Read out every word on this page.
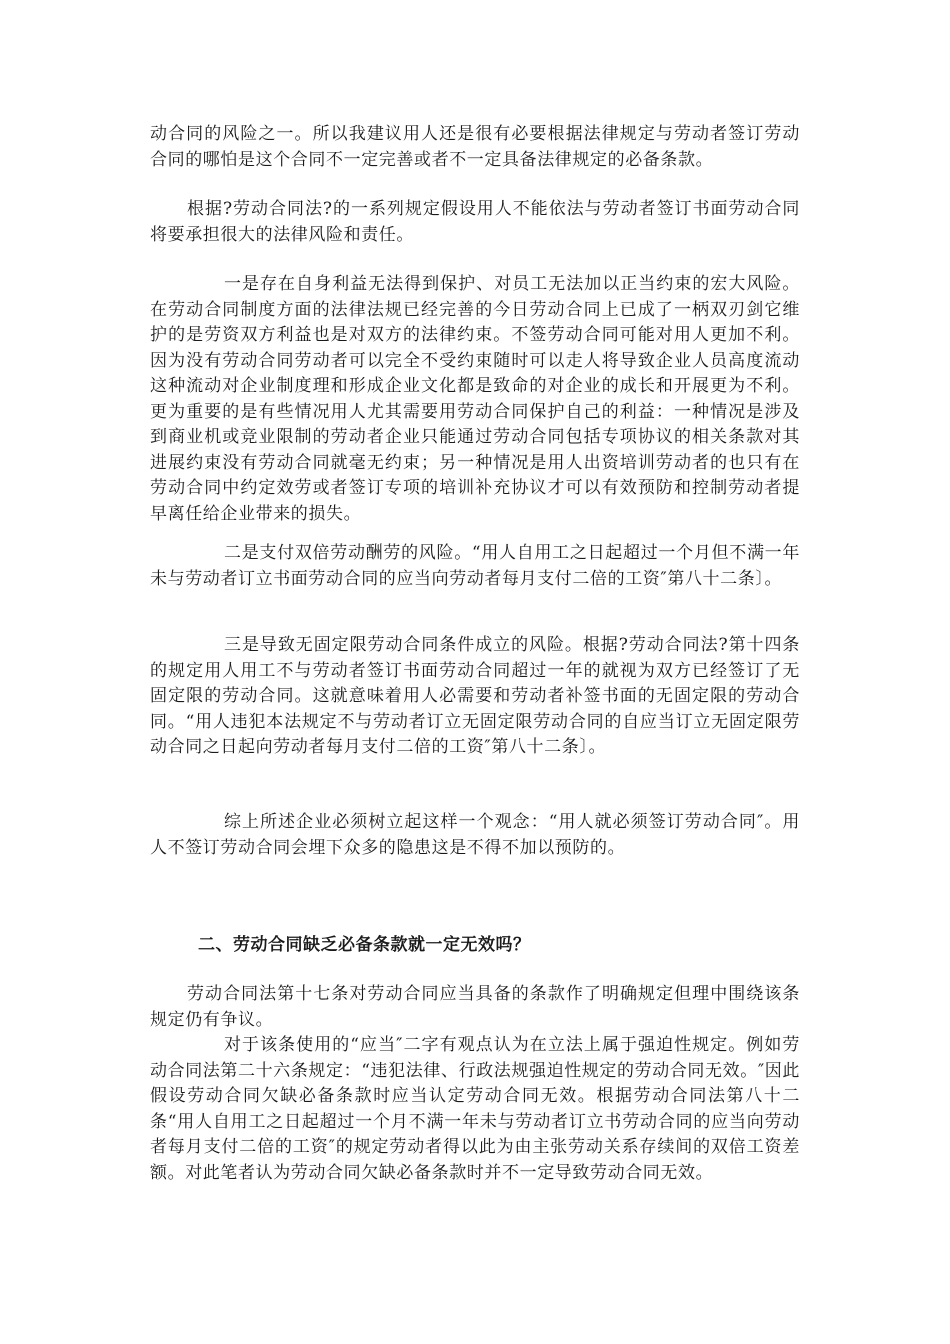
动合同的风险之一。所以我建议用人还是很有必要根据法律规定与劳动者签订劳动合同的哪怕是这个合同不一定完善或者不一定具备法律规定的必备条款。

根据?劳动合同法?的一系列规定假设用人不能依法与劳动者签订书面劳动合同将要承担很大的法律风险和责任。

一是存在自身利益无法得到保护、对员工无法加以正当约束的宏大风险。在劳动合同制度方面的法律法规已经完善的今日劳动合同上已成了一柄双刃剑它维护的是劳资双方利益也是对双方的法律约束。不签劳动合同可能对用人更加不利。因为没有劳动合同劳动者可以完全不受约束随时可以走人将导致企业人员高度流动这种流动对企业制度理和形成企业文化都是致命的对企业的成长和开展更为不利。更为重要的是有些情况用人尤其需要用劳动合同保护自己的利益：一种情况是涉及到商业机或竞业限制的劳动者企业只能通过劳动合同包括专项协议的相关条款对其进展约束没有劳动合同就毫无约束；另一种情况是用人出资培训劳动者的也只有在劳动合同中约定效劳或者签订专项的培训补充协议才可以有效预防和控制劳动者提早离任给企业带来的损失。

二是支付双倍劳动酬劳的风险。“用人自用工之日起超过一个月但不满一年未与劳动者订立书面劳动合同的应当向劳动者每月支付二倍的工资″第八十二条〕。

三是导致无固定限劳动合同条件成立的风险。根据?劳动合同法?第十四条的规定用人用工不与劳动者签订书面劳动合同超过一年的就视为双方已经签订了无固定限的劳动合同。这就意味着用人必需要和劳动者补签书面的无固定限的劳动合同。“用人违犯本法规定不与劳动者订立无固定限劳动合同的自应当订立无固定限劳动合同之日起向劳动者每月支付二倍的工资″第八十二条〕。

综上所述企业必须树立起这样一个观念：“用人就必须签订劳动合同″。用人不签订劳动合同会埋下众多的隐患这是不得不加以预防的。

二、劳动合同缺乏必备条款就一定无效吗？

劳动合同法第十七条对劳动合同应当具备的条款作了明确规定但理中围绕该条规定仍有争议。

对于该条使用的“应当″二字有观点认为在立法上属于强迫性规定。例如劳动合同法第二十六条规定：“违犯法律、行政法规强迫性规定的劳动合同无效。″因此假设劳动合同欠缺必备条款时应当认定劳动合同无效。根据劳动合同法第八十二条“用人自用工之日起超过一个月不满一年未与劳动者订立书劳动合同的应当向劳动者每月支付二倍的工资″的规定劳动者得以此为由主张劳动关系存续间的双倍工资差额。对此笔者认为劳动合同欠缺必备条款时并不一定导致劳动合同无效。
